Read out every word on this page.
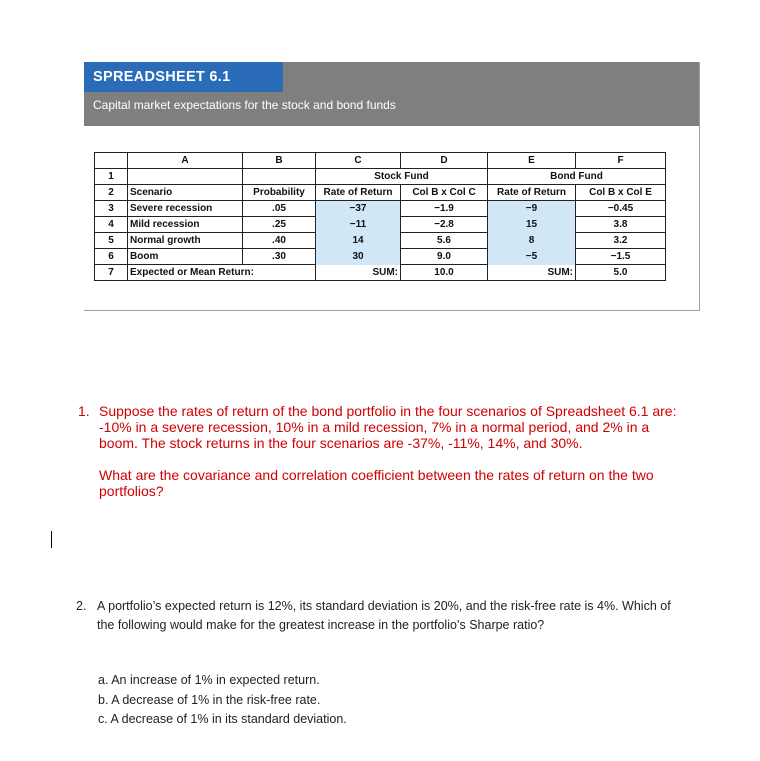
SPREADSHEET 6.1
Capital market expectations for the stock and bond funds
	A	B	C	D	E	F
1			Stock Fund		Bond Fund	
2	Scenario	Probability	Rate of Return	Col B x Col C	Rate of Return	Col B x Col E
3	Severe recession	.05	−37	−1.9	−9	−0.45
4	Mild recession	.25	−11	−2.8	15	3.8
5	Normal growth	.40	14	5.6	8	3.2
6	Boom	.30	30	9.0	−5	−1.5
7	Expected or Mean Return:		SUM:	10.0	SUM:	5.0
1. Suppose the rates of return of the bond portfolio in the four scenarios of Spreadsheet 6.1 are: -10% in a severe recession, 10% in a mild recession, 7% in a normal period, and 2% in a boom. The stock returns in the four scenarios are -37%, -11%, 14%, and 30%.

What are the covariance and correlation coefficient between the rates of return on the two portfolios?

2. A portfolio’s expected return is 12%, its standard deviation is 20%, and the risk-free rate is 4%. Which of the following would make for the greatest increase in the portfolio’s Sharpe ratio?

a. An increase of 1% in expected return.
b. A decrease of 1% in the risk-free rate.
c. A decrease of 1% in its standard deviation.
